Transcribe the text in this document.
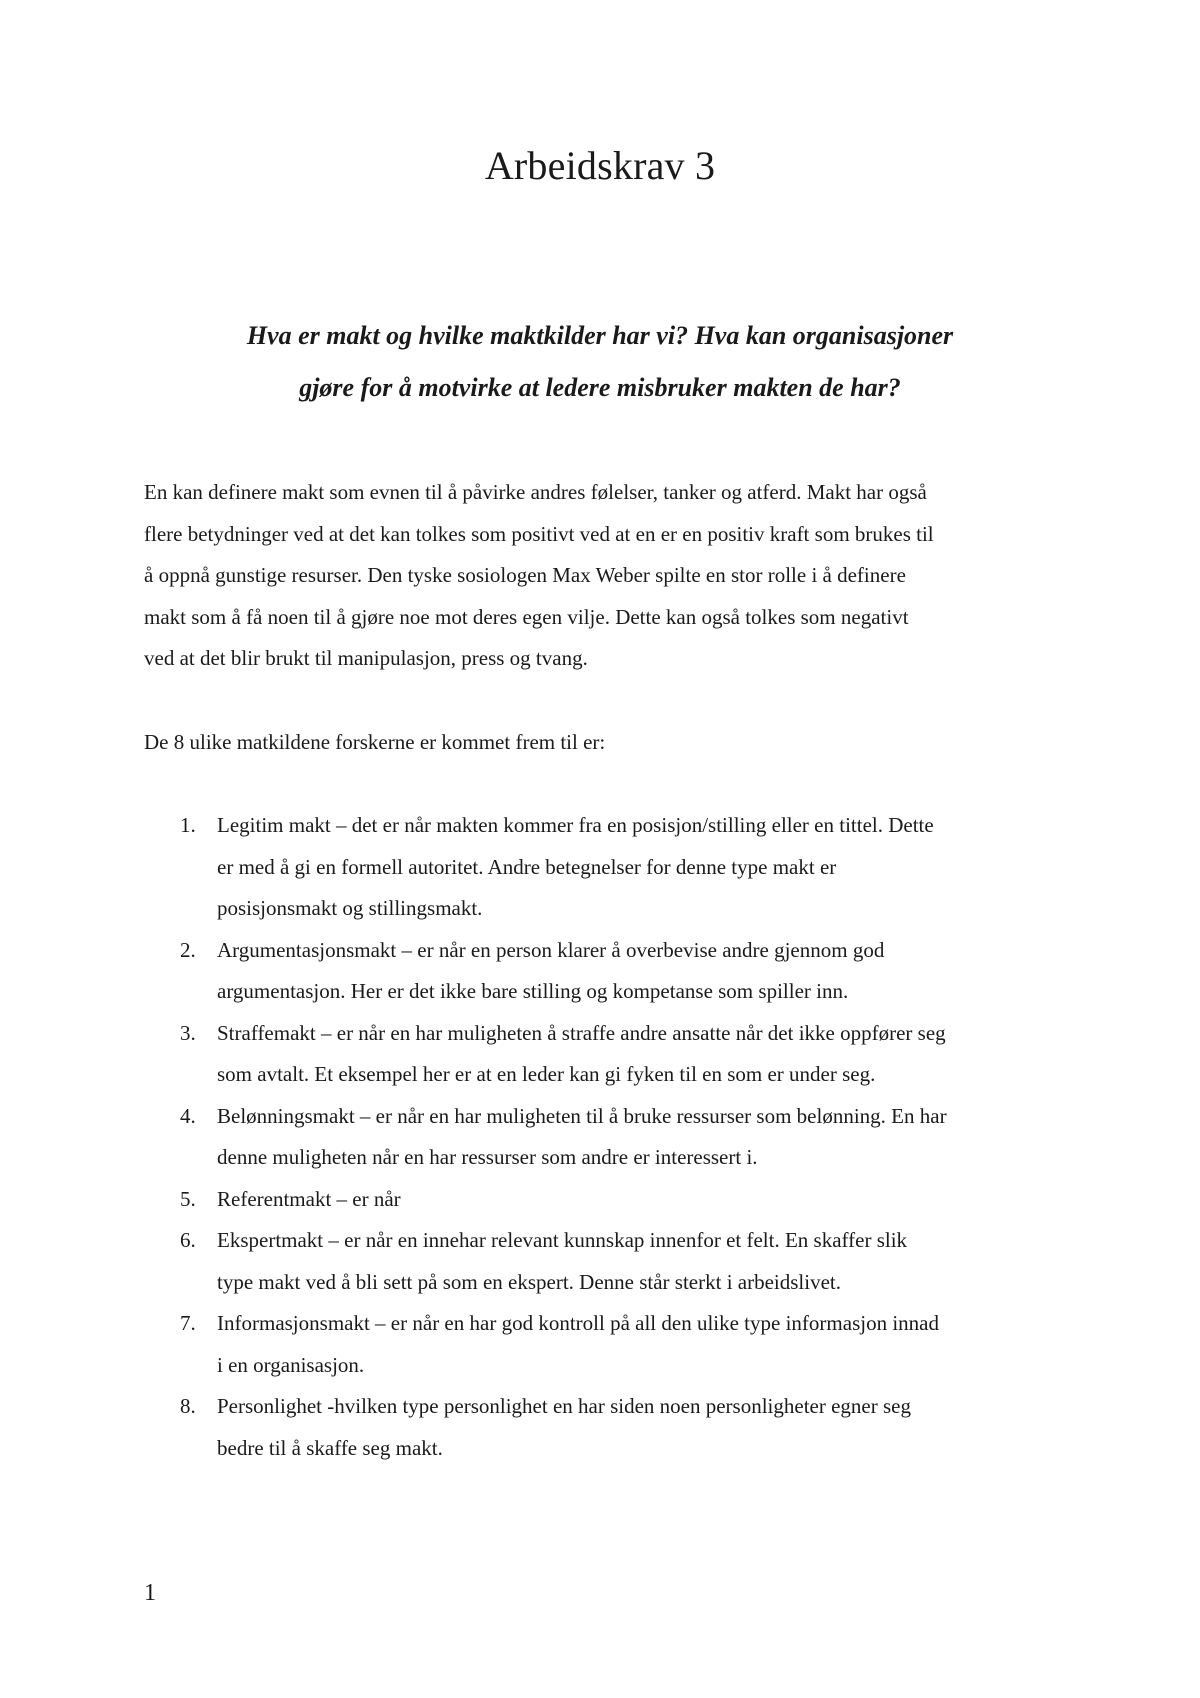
Arbeidskrav 3
Hva er makt og hvilke maktkilder har vi? Hva kan organisasjoner
gjøre for å motvirke at ledere misbruker makten de har?

En kan definere makt som evnen til å påvirke andres følelser, tanker og atferd. Makt har også
flere betydninger ved at det kan tolkes som positivt ved at en er en positiv kraft som brukes til
å oppnå gunstige resurser. Den tyske sosiologen Max Weber spilte en stor rolle i å definere
makt som å få noen til å gjøre noe mot deres egen vilje. Dette kan også tolkes som negativt
ved at det blir brukt til manipulasjon, press og tvang.

De 8 ulike matkildene forskerne er kommet frem til er:

1. Legitim makt – det er når makten kommer fra en posisjon/stilling eller en tittel. Dette
er med å gi en formell autoritet. Andre betegnelser for denne type makt er
posisjonsmakt og stillingsmakt.
2. Argumentasjonsmakt – er når en person klarer å overbevise andre gjennom god
argumentasjon. Her er det ikke bare stilling og kompetanse som spiller inn.
3. Straffemakt – er når en har muligheten å straffe andre ansatte når det ikke oppfører seg
som avtalt. Et eksempel her er at en leder kan gi fyken til en som er under seg.
4. Belønningsmakt – er når en har muligheten til å bruke ressurser som belønning. En har
denne muligheten når en har ressurser som andre er interessert i.
5. Referentmakt – er når
6. Ekspertmakt – er når en innehar relevant kunnskap innenfor et felt. En skaffer slik
type makt ved å bli sett på som en ekspert. Denne står sterkt i arbeidslivet.
7. Informasjonsmakt – er når en har god kontroll på all den ulike type informasjon innad
i en organisasjon.
8. Personlighet -hvilken type personlighet en har siden noen personligheter egner seg
bedre til å skaffe seg makt.

1
